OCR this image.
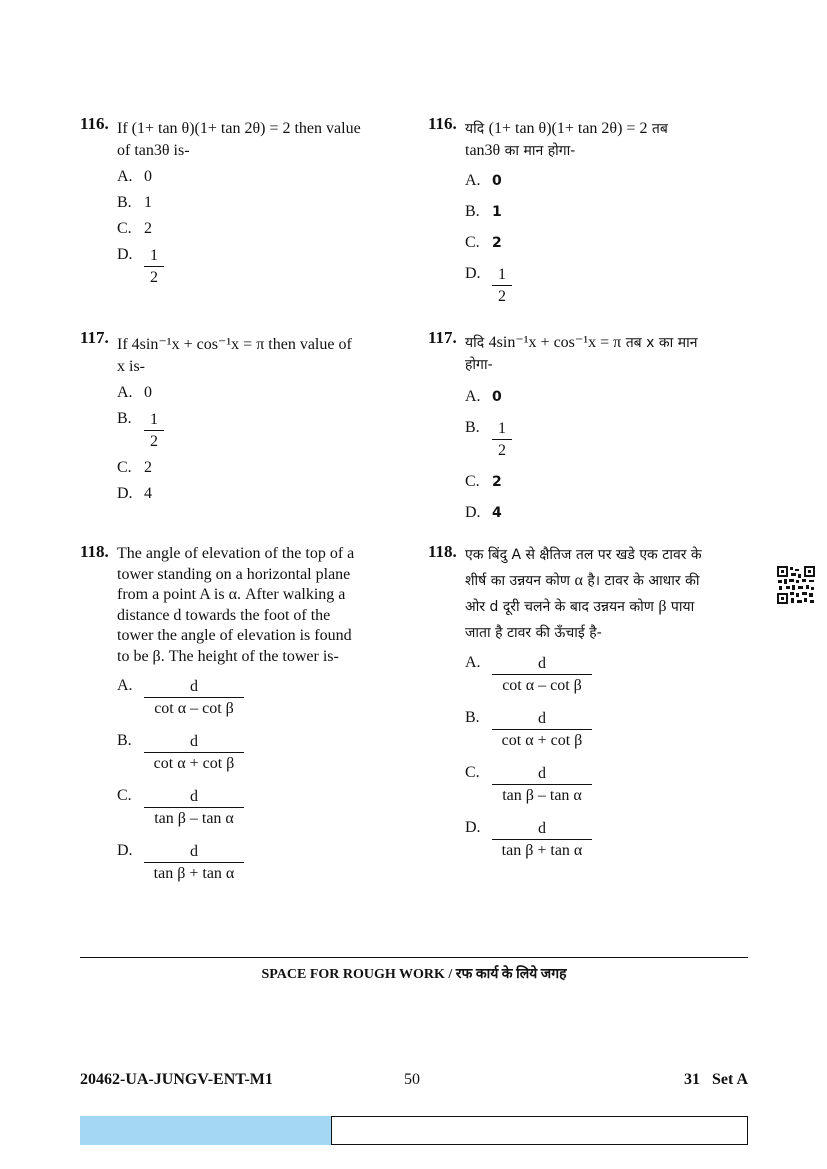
116. If (1+ tan θ)(1+ tan 2θ) = 2 then value
of tan3θ is-
A. 0
B. 1
C. 2
D. $\frac{1}{2}$
117. If 4sin⁻¹x + cos⁻¹x = π then value of
x is-
A. 0
B. $\frac{1}{2}$
C. 2
D. 4
118. The angle of elevation of the top of a
tower standing on a horizontal plane
from a point A is α. After walking a
distance d towards the foot of the
tower the angle of elevation is found
to be β. The height of the tower is-
A. $\frac{d}{\text{cot α – cot β}}$
B. $\frac{d}{\text{cot α + cot β}}$
C. $\frac{d}{\text{tan β – tan α}}$
D. $\frac{d}{\text{tan β + tan α}}$
116. यदि (1+ tan θ)(1+ tan 2θ) = 2 तब
tan3θ का मान होगा-
A. 0
B. 1
C. 2
D. $\frac{1}{2}$
117. यदि 4sin⁻¹x + cos⁻¹x = π तब x का मान
होगा-
A. 0
B. $\frac{1}{2}$
C. 2
D. 4
118. एक बिंदु A से क्षैतिज तल पर खडे एक टावर के
शीर्ष का उन्नयन कोण α है। टावर के आधार की
ओर d दूरी चलने के बाद उन्नयन कोण β पाया
जाता है टावर की ऊँचाई है-
A. $\frac{d}{\text{cot α – cot β}}$
B. $\frac{d}{\text{cot α + cot β}}$
C. $\frac{d}{\text{tan β – tan α}}$
D. $\frac{d}{\text{tan β + tan α}}$
SPACE FOR ROUGH WORK / रफ कार्य के लिये जगह
20462-UA-JUNGV-ENT-M1	50	31   Set A
